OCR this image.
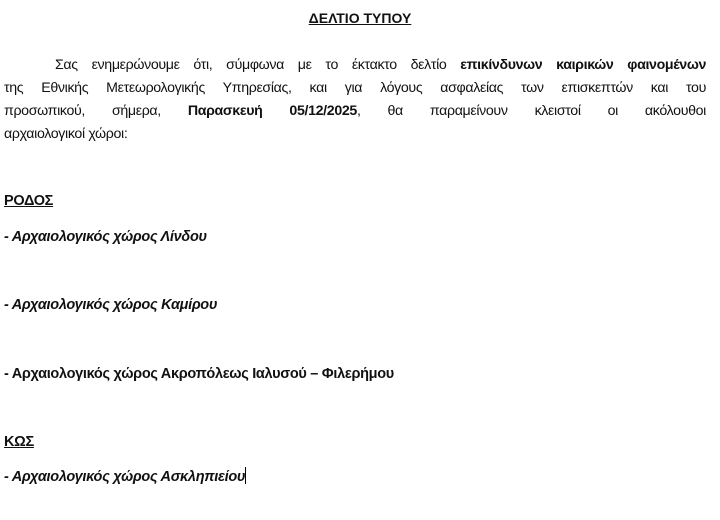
ΔΕΛΤΙΟ ΤΥΠΟΥ
Σας ενημερώνουμε ότι, σύμφωνα με το έκτακτο δελτίο επικίνδυνων καιρικών φαινομένων
της Εθνικής Μετεωρολογικής Υπηρεσίας, και για λόγους ασφαλείας των επισκεπτών και του
προσωπικού, σήμερα, Παρασκευή 05/12/2025, θα παραμείνουν κλειστοί οι ακόλουθοι
αρχαιολογικοί χώροι:
ΡΟΔΟΣ
- Αρχαιολογικός χώρος Λίνδου
- Αρχαιολογικός χώρος Καμίρου
- Αρχαιολογικός χώρος Ακροπόλεως Ιαλυσού – Φιλερήμου
ΚΩΣ
- Αρχαιολογικός χώρος Ασκληπιείου
